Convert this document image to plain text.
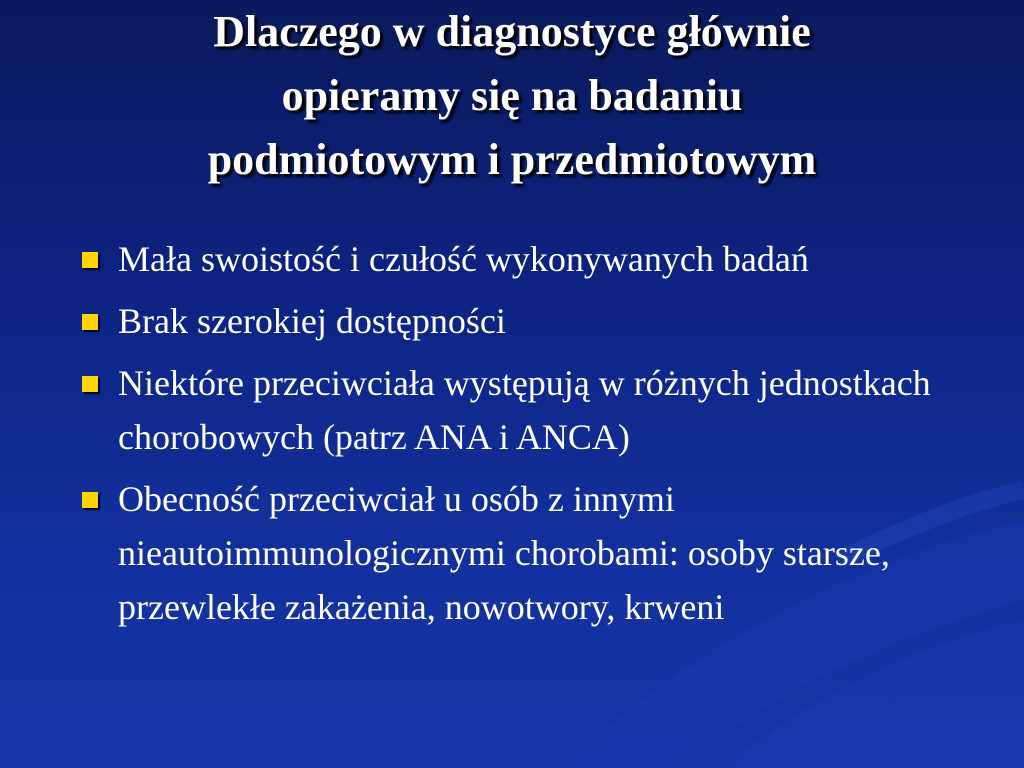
Dlaczego w diagnostyce głównie
opieramy się na badaniu
podmiotowym i przedmiotowym
Mała swoistość i czułość wykonywanych badań
Brak szerokiej dostępności
Niektóre przeciwciała występują w różnych jednostkach chorobowych (patrz ANA i ANCA)
Obecność przeciwciał u osób z innymi nieautoimmunologicznymi chorobami: osoby starsze, przewlekłe zakażenia, nowotwory, krweni
